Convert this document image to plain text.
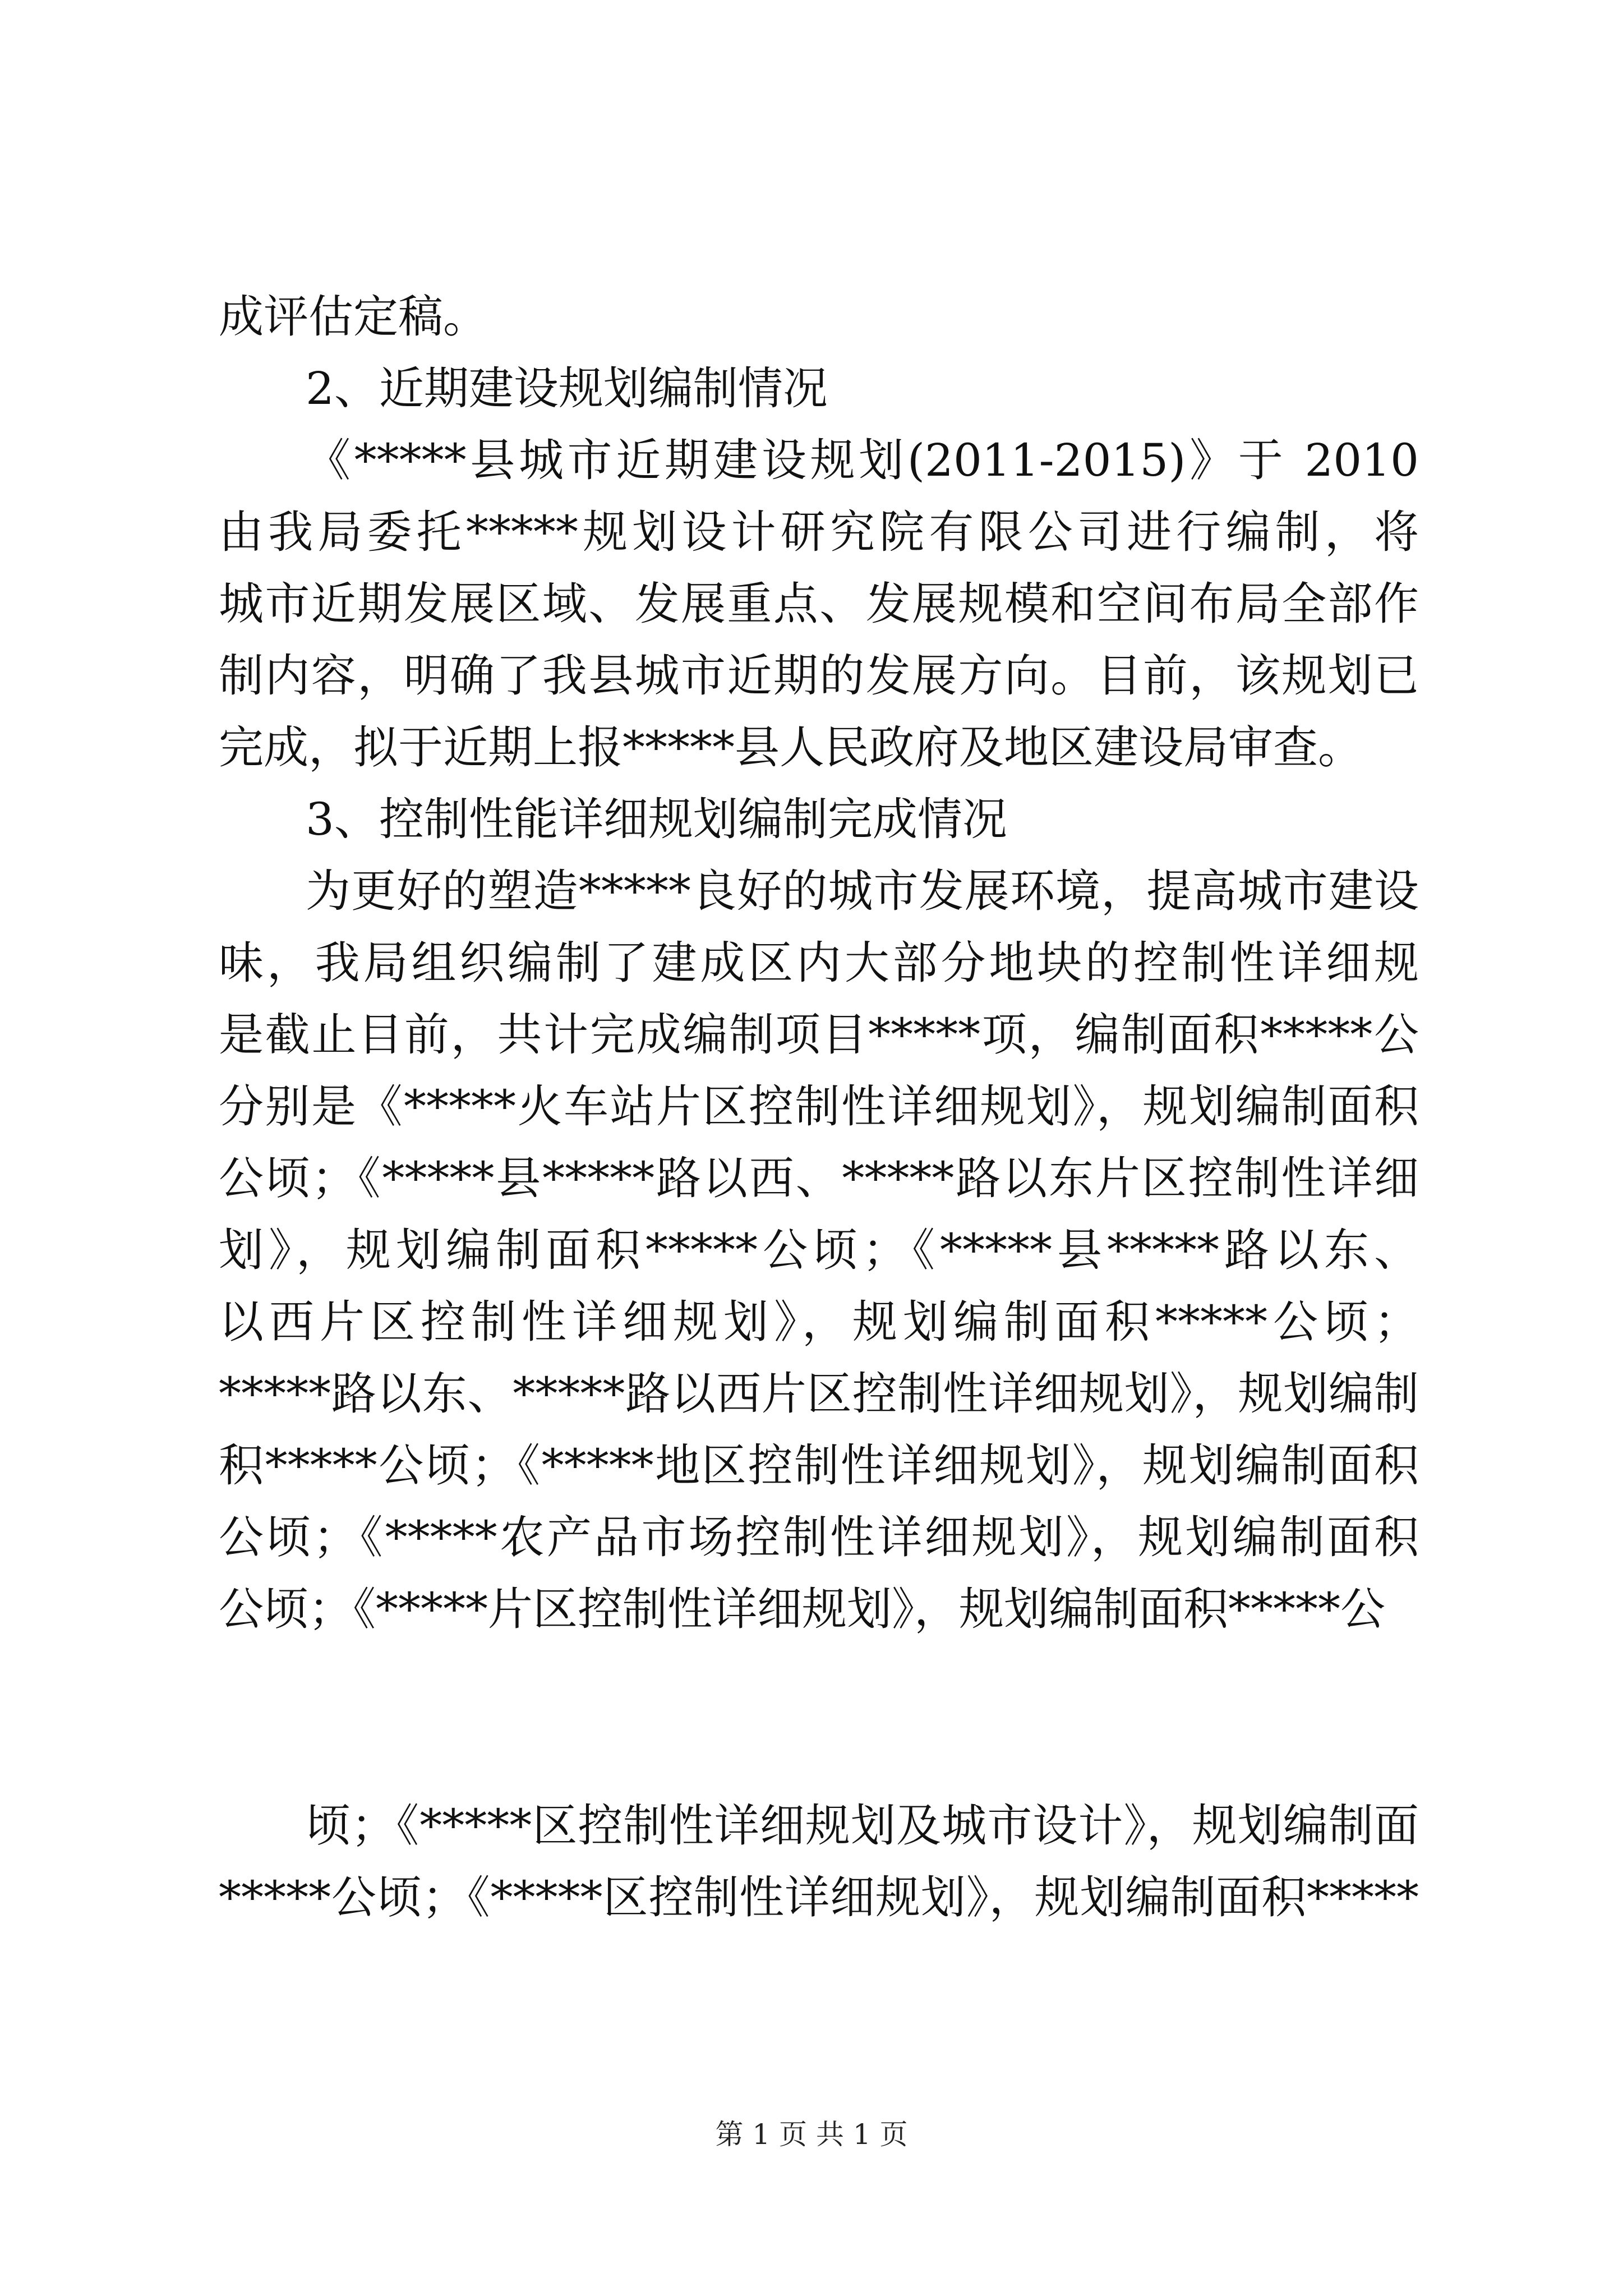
成评估定稿。
2、近期建设规划编制情况
《*****县城市近期建设规划(2011-2015)》于 2010
由我局委托*****规划设计研究院有限公司进行编制，将
城市近期发展区域、发展重点、发展规模和空间布局全部作
制内容，明确了我县城市近期的发展方向。目前，该规划已
完成，拟于近期上报*****县人民政府及地区建设局审查。
3、控制性能详细规划编制完成情况
为更好的塑造*****良好的城市发展环境，提高城市建设
味，我局组织编制了建成区内大部分地块的控制性详细规
是截止目前，共计完成编制项目*****项，编制面积*****公
分别是《*****火车站片区控制性详细规划》，规划编制面积
公顷；《*****县*****路以西、*****路以东片区控制性详细
划》，规划编制面积*****公顷；《*****县*****路以东、
以西片区控制性详细规划》，规划编制面积*****公顷；
*****路以东、*****路以西片区控制性详细规划》，规划编制
积*****公顷；《*****地区控制性详细规划》，规划编制面积
公顷；《*****农产品市场控制性详细规划》，规划编制面积
公顷；《*****片区控制性详细规划》，规划编制面积*****公
顷；《*****区控制性详细规划及城市设计》，规划编制面
*****公顷；《*****区控制性详细规划》，规划编制面积*****
第 1 页 共 1 页
